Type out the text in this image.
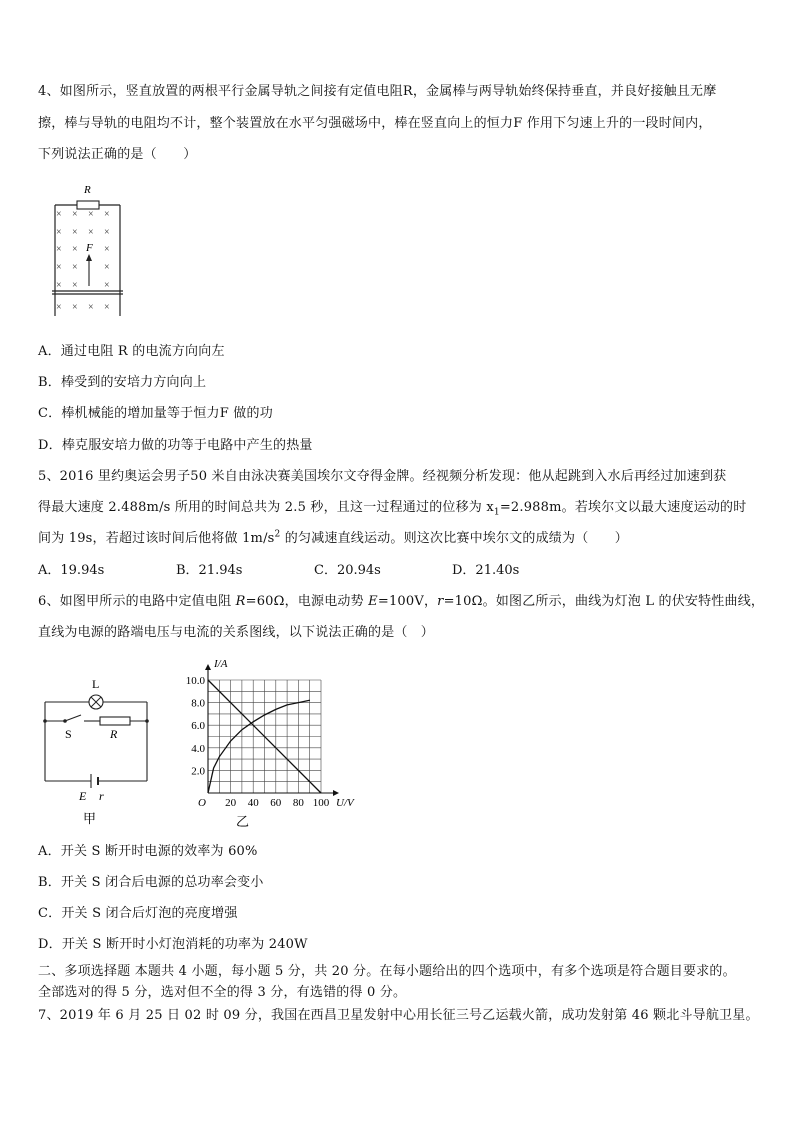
4、如图所示，竖直放置的两根平行金属导轨之间接有定值电阻R，金属棒与两导轨始终保持垂直，并良好接触且无摩
擦，棒与导轨的电阻均不计，整个装置放在水平匀强磁场中，棒在竖直向上的恒力F 作用下匀速上升的一段时间内，
下列说法正确的是（　　）
R
× × × ×
× × × ×
× ×	×
× ×	×
× ×	×
× × × ×
F
A．通过电阻 R 的电流方向向左
B．棒受到的安培力方向向上
C．棒机械能的增加量等于恒力F 做的功
D．棒克服安培力做的功等于电路中产生的热量
5、2016 里约奥运会男子50 米自由泳决赛美国埃尔文夺得金牌。经视频分析发现：他从起跳到入水后再经过加速到获
得最大速度 2.488m/s 所用的时间总共为 2.5 秒，且这一过程通过的位移为 $x_1=2.988m$。若埃尔文以最大速度运动的时
间为 19s，若超过该时间后他将做 $1m/s^2$ 的匀减速直线运动。则这次比赛中埃尔文的成绩为（　　）
A．19.94s	B．21.94s	C．20.94s	D．21.40s
6、如图甲所示的电路中定值电阻 R=60Ω，电源电动势 E=100V，r=10Ω。如图乙所示，曲线为灯泡 L 的伏安特性曲线，
直线为电源的路端电压与电流的关系图线，以下说法正确的是（　）
L
S	R
E r
甲
I/A
U/V
O
2.0
4.0
6.0
8.0
10.0
20 40 60 80 100
乙
A．开关 S 断开时电源的效率为 60%
B．开关 S 闭合后电源的总功率会变小
C．开关 S 闭合后灯泡的亮度增强
D．开关 S 断开时小灯泡消耗的功率为 240W
二、多项选择题 本题共 4 小题，每小题 5 分，共 20 分。在每小题给出的四个选项中，有多个选项是符合题目要求的。
全部选对的得 5 分，选对但不全的得 3 分，有选错的得 0 分。
7、2019 年 6 月 25 日 02 时 09 分，我国在西昌卫星发射中心用长征三号乙运载火箭，成功发射第 46 颗北斗导航卫星。
